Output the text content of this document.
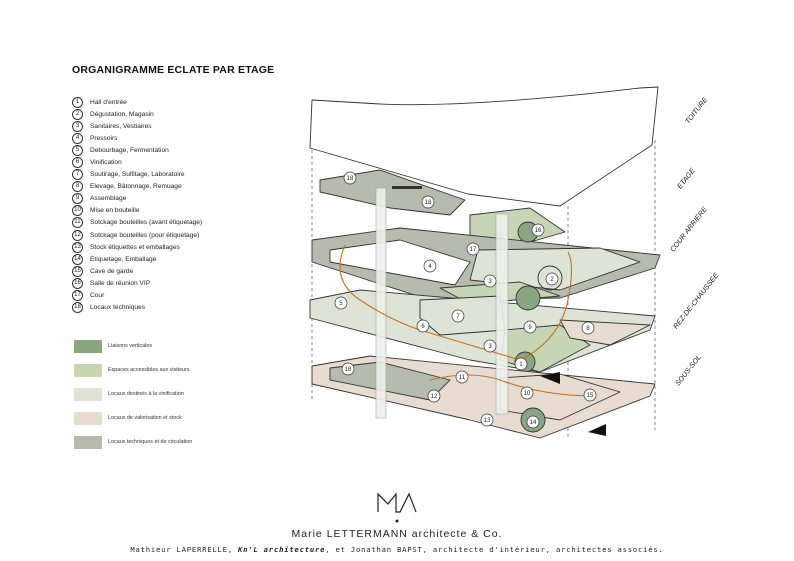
ORGANIGRAMME ECLATE PAR ETAGE
1	Hall d'entrée
2	Dégustation, Magasin
3	Sanitaires, Vestiaires
4	Pressoirs
5	Debourbage, Fermentation
6	Vinification
7	Soutirage, Sulfitage, Laboratoire
8	Elevage, Bâtonnage, Remuage
9	Assemblage
10	Mise en bouteille
11	Sotckage bouteilles (avant étiquetage)
12	Sotckage bouteilles (pour étiquetage)
13	Stock étiquettes et emballages
14	Etiquetage, Emballage
15	Cave de garde
16	Salle de réunion VIP
17	Cour
18	Locaux techniques
Liaisons verticales
Espaces accessibles aux visiteurs
Locaux destinés à la vinification
Locaux de valorisation et stock
Locaux techniques et de circulation
18
18
16
17
4
2
3
5
6
7
9	8
3
1
18
11
12	10	15
13	14
TOITURE
ETAGE
COUR ARRIERE
REZ-DE-CHAUSSEE
SOUS-SOL
Marie LETTERMANN architecte & Co.
Mathieur LAPERRELLE, Kn'L architecture, et Jonathan BAPST, architecte d'intérieur, architectes associés.
